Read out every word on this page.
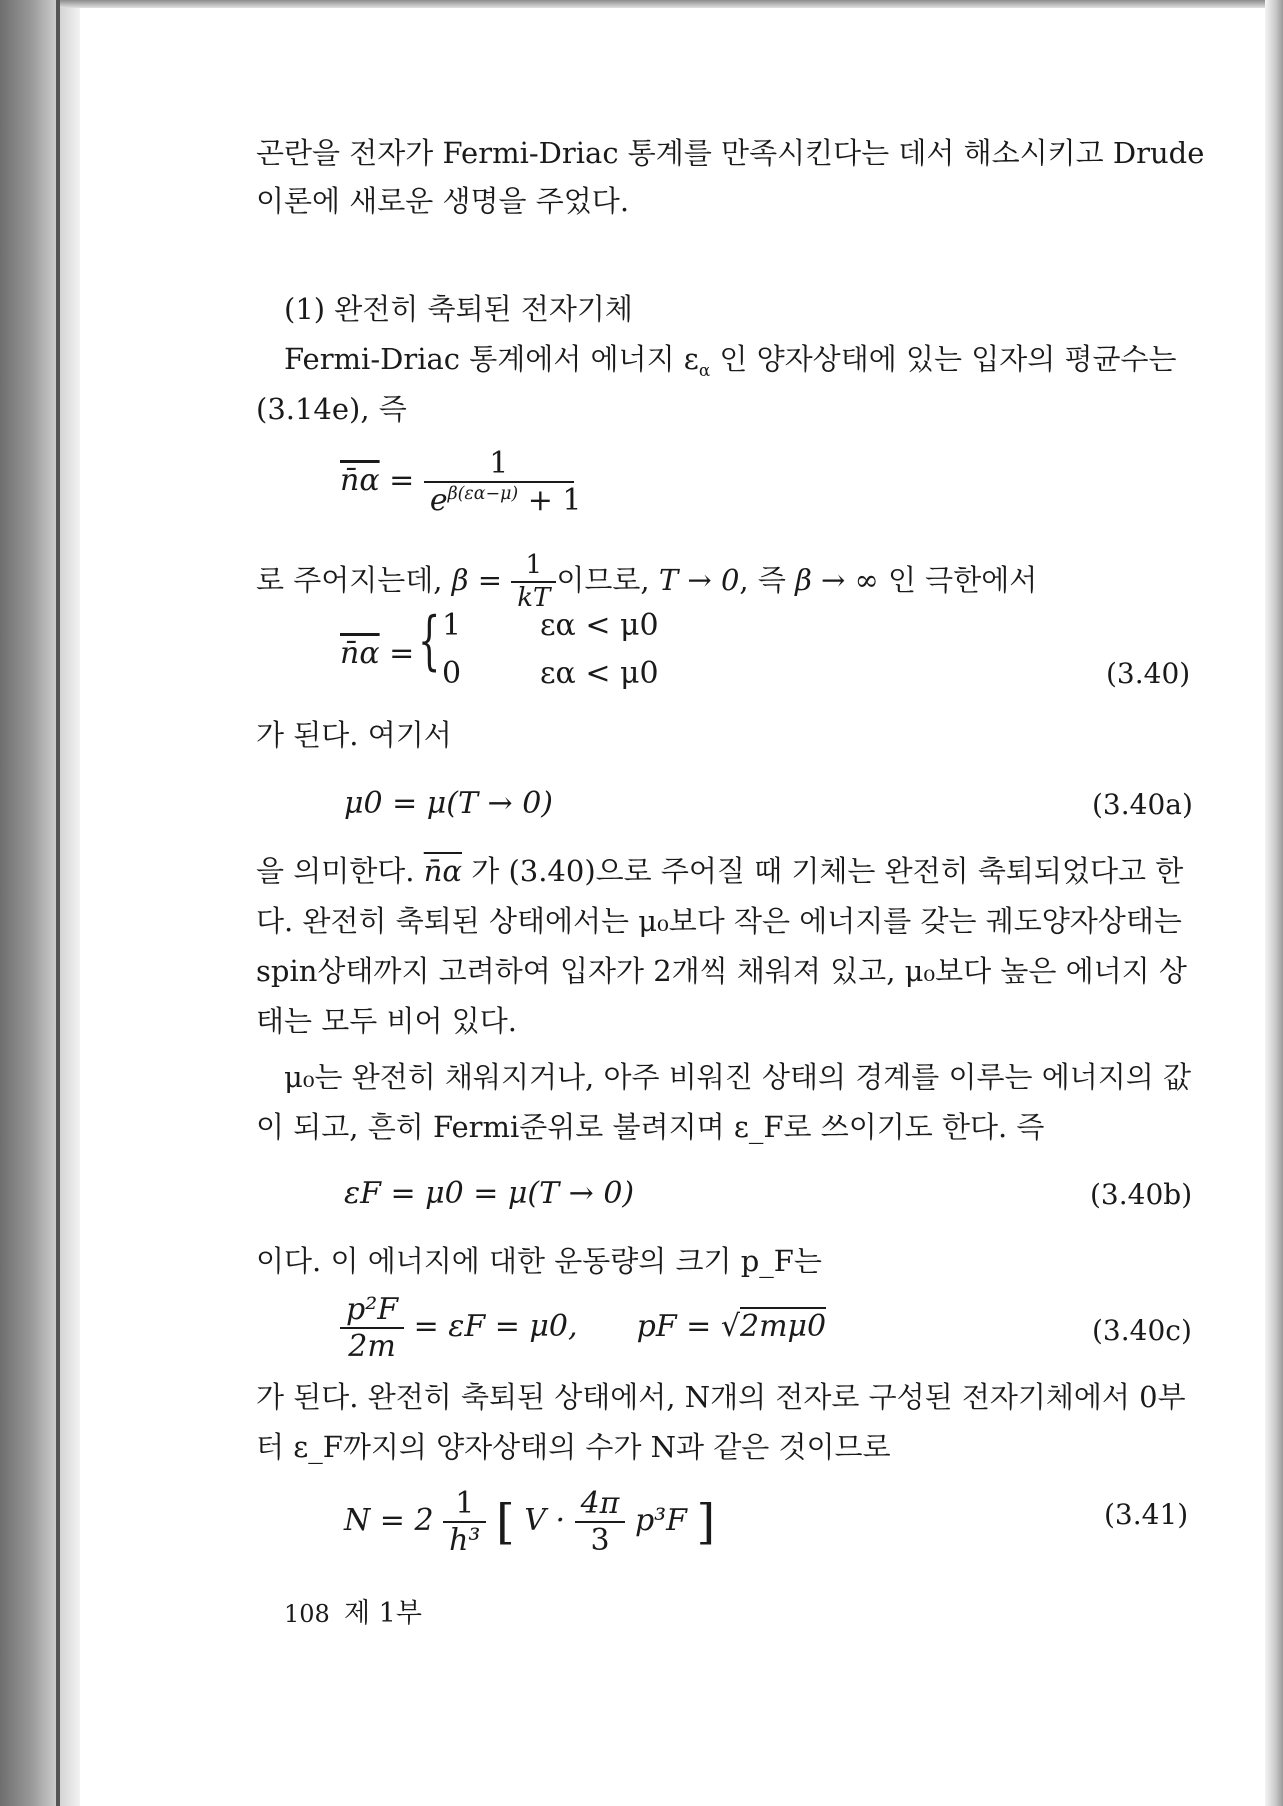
곤란을 전자가 Fermi-Driac 통계를 만족시킨다는 데서 해소시키고 Drude
이론에 새로운 생명을 주었다.
(1) 완전히 축퇴된 전자기체
Fermi-Driac 통계에서 에너지 $\varepsilon_\alpha$ 인 양자상태에 있는 입자의 평균수는
(3.14e), 즉
n̄α = $\frac{1}{e^{\beta(\varepsilon\alpha-\mu)} + 1}$
로 주어지는데, $\beta = \frac{1}{kT}$ 이므로, T → 0, 즉 β → ∞ 인 극한에서
n̄α = { 1	εα < μ0
0	εα < μ0	(3.40)
가 된다. 여기서
μ0 = μ(T → 0)	(3.40a)
을 의미한다. n̄α 가 (3.40)으로 주어질 때 기체는 완전히 축퇴되었다고 한
다. 완전히 축퇴된 상태에서는 μ₀보다 작은 에너지를 갖는 궤도양자상태는
spin상태까지 고려하여 입자가 2개씩 채워져 있고, μ₀보다 높은 에너지 상
태는 모두 비어 있다.
μ₀는 완전히 채워지거나, 아주 비워진 상태의 경계를 이루는 에너지의 값
이 되고, 흔히 Fermi준위로 불려지며 ε_F로 쓰이기도 한다. 즉
εF = μ0 = μ(T → 0)	(3.40b)
이다. 이 에너지에 대한 운동량의 크기 p_F는
$\frac{\text{p²F}}{2m} = \varepsilon F = \mu 0$, pF = √2mμ0	(3.40c)
가 된다. 완전히 축퇴된 상태에서, N개의 전자로 구성된 전자기체에서 0부
터 ε_F까지의 양자상태의 수가 N과 같은 것이므로
$N = 2 \frac{1}{\text{h³}}$ [ $V \cdot \frac{4\pi}{3} p^3F$ ]	(3.41)
108 제 1부
